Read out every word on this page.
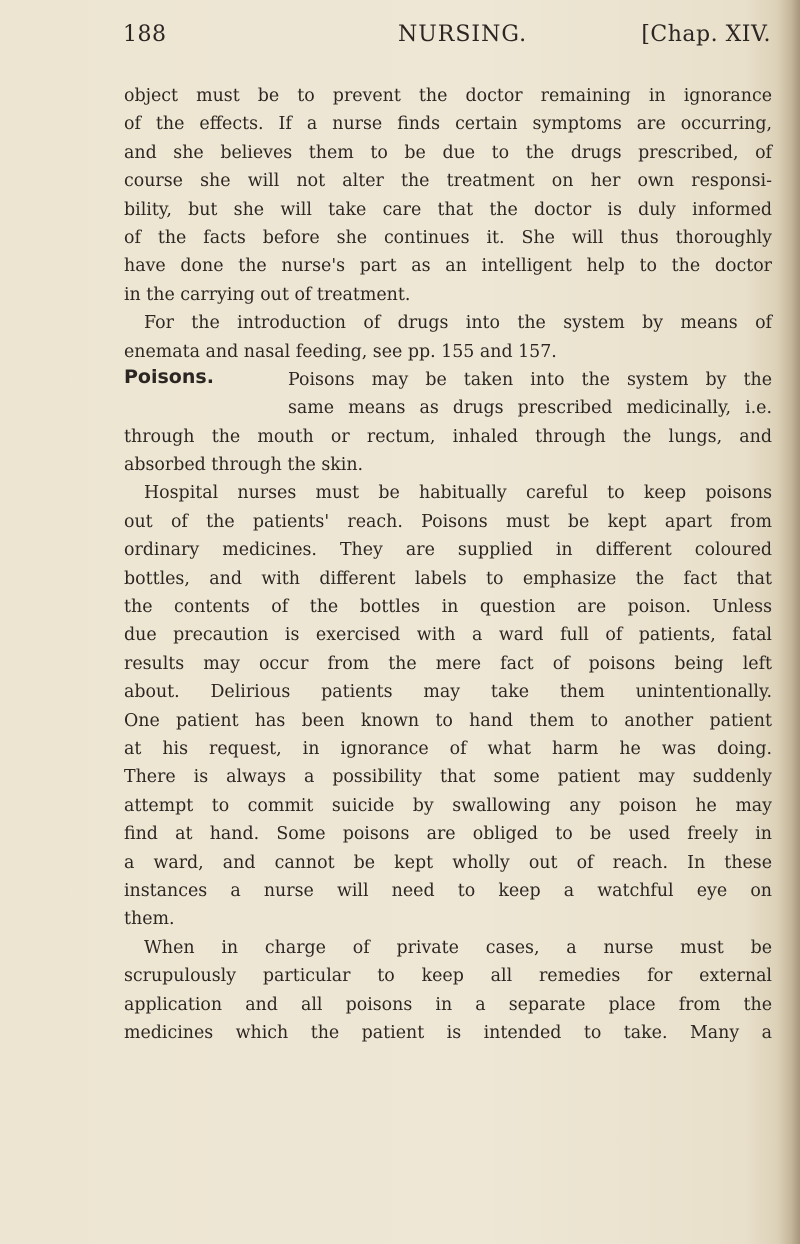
188	NURSING.	[Chap. XIV.
Poisons.
object must be to prevent the doctor remaining in ignorance
of the effects. If a nurse finds certain symptoms are occurring,
and she believes them to be due to the drugs prescribed, of
course she will not alter the treatment on her own responsi-
bility, but she will take care that the doctor is duly informed
of the facts before she continues it. She will thus thoroughly
have done the nurse's part as an intelligent help to the doctor
in the carrying out of treatment.
For the introduction of drugs into the system by means of
enemata and nasal feeding, see pp. 155 and 157.
Poisons may be taken into the system by the
same means as drugs prescribed medicinally, i.e.
through the mouth or rectum, inhaled through the lungs, and
absorbed through the skin.
Hospital nurses must be habitually careful to keep poisons
out of the patients' reach. Poisons must be kept apart from
ordinary medicines. They are supplied in different coloured
bottles, and with different labels to emphasize the fact that
the contents of the bottles in question are poison. Unless
due precaution is exercised with a ward full of patients, fatal
results may occur from the mere fact of poisons being left
about. Delirious patients may take them unintentionally.
One patient has been known to hand them to another patient
at his request, in ignorance of what harm he was doing.
There is always a possibility that some patient may suddenly
attempt to commit suicide by swallowing any poison he may
find at hand. Some poisons are obliged to be used freely in
a ward, and cannot be kept wholly out of reach. In these
instances a nurse will need to keep a watchful eye on
them.
When in charge of private cases, a nurse must be
scrupulously particular to keep all remedies for external
application and all poisons in a separate place from the
medicines which the patient is intended to take. Many a
